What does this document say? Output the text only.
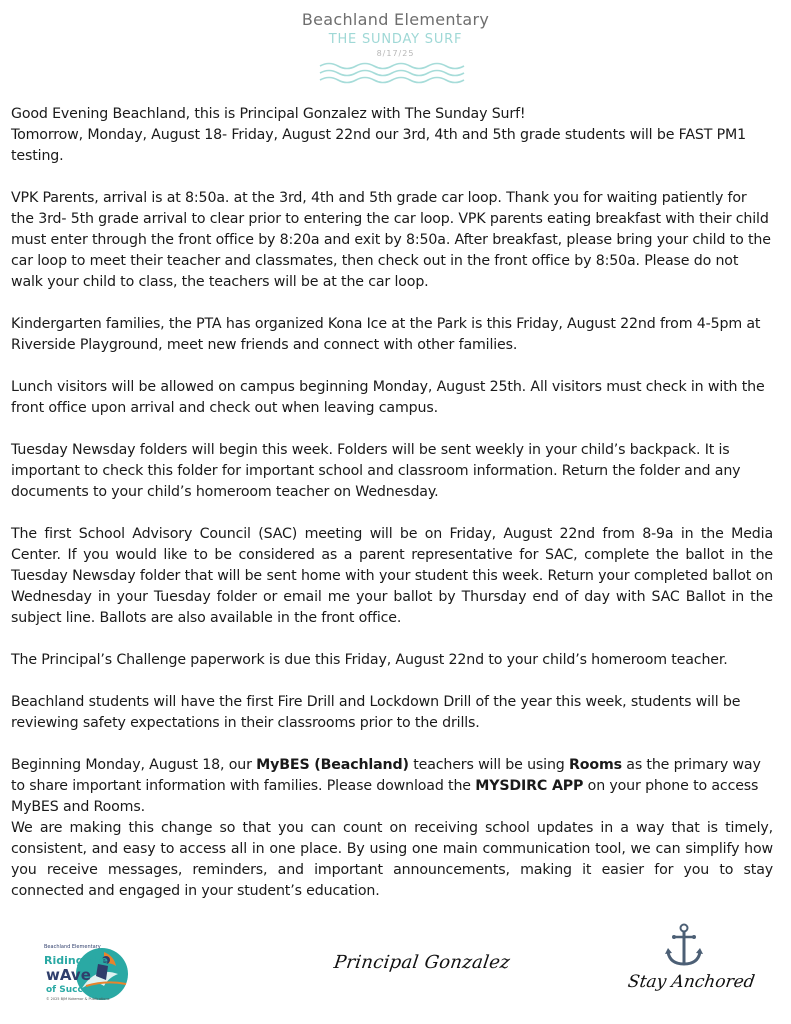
Beachland Elementary
THE SUNDAY SURF
8/17/25

Good Evening Beachland, this is Principal Gonzalez with The Sunday Surf!

Tomorrow, Monday, August 18- Friday, August 22nd our 3rd, 4th and 5th grade students will be FAST PM1 testing.

VPK Parents, arrival is at 8:50a. at the 3rd, 4th and 5th grade car loop. Thank you for waiting patiently for the 3rd- 5th grade arrival to clear prior to entering the car loop. VPK parents eating breakfast with their child must enter through the front office by 8:20a and exit by 8:50a. After breakfast, please bring your child to the car loop to meet their teacher and classmates, then check out in the front office by 8:50a. Please do not walk your child to class, the teachers will be at the car loop.

Kindergarten families, the PTA has organized Kona Ice at the Park is this Friday, August 22nd from 4-5pm at Riverside Playground, meet new friends and connect with other families.

Lunch visitors will be allowed on campus beginning Monday, August 25th. All visitors must check in with the front office upon arrival and check out when leaving campus.

Tuesday Newsday folders will begin this week. Folders will be sent weekly in your child’s backpack. It is important to check this folder for important school and classroom information. Return the folder and any documents to your child’s homeroom teacher on Wednesday.

The first School Advisory Council (SAC) meeting will be on Friday, August 22nd from 8-9a in the Media Center. If you would like to be considered as a parent representative for SAC, complete the ballot in the Tuesday Newsday folder that will be sent home with your student this week. Return your completed ballot on Wednesday in your Tuesday folder or email me your ballot by Thursday end of day with SAC Ballot in the subject line. Ballots are also available in the front office.

The Principal’s Challenge paperwork is due this Friday, August 22nd to your child’s homeroom teacher.

Beachland students will have the first Fire Drill and Lockdown Drill of the year this week, students will be reviewing safety expectations in their classrooms prior to the drills.

Beginning Monday, August 18, our MyBES (Beachland) teachers will be using Rooms as the primary way to share important information with families. Please download the MYSDIRC APP on your phone to access MyBES and Rooms.

We are making this change so that you can count on receiving school updates in a way that is timely, consistent, and easy to access all in one place. By using one main communication tool, we can simplify how you receive messages, reminders, and important announcements, making it easier for you to stay connected and engaged in your student’s education.

Beachland Elementary
Riding the
wAve
of Success
© 2025 BJM Kokemor & Publications
Principal Gonzalez
Stay Anchored
